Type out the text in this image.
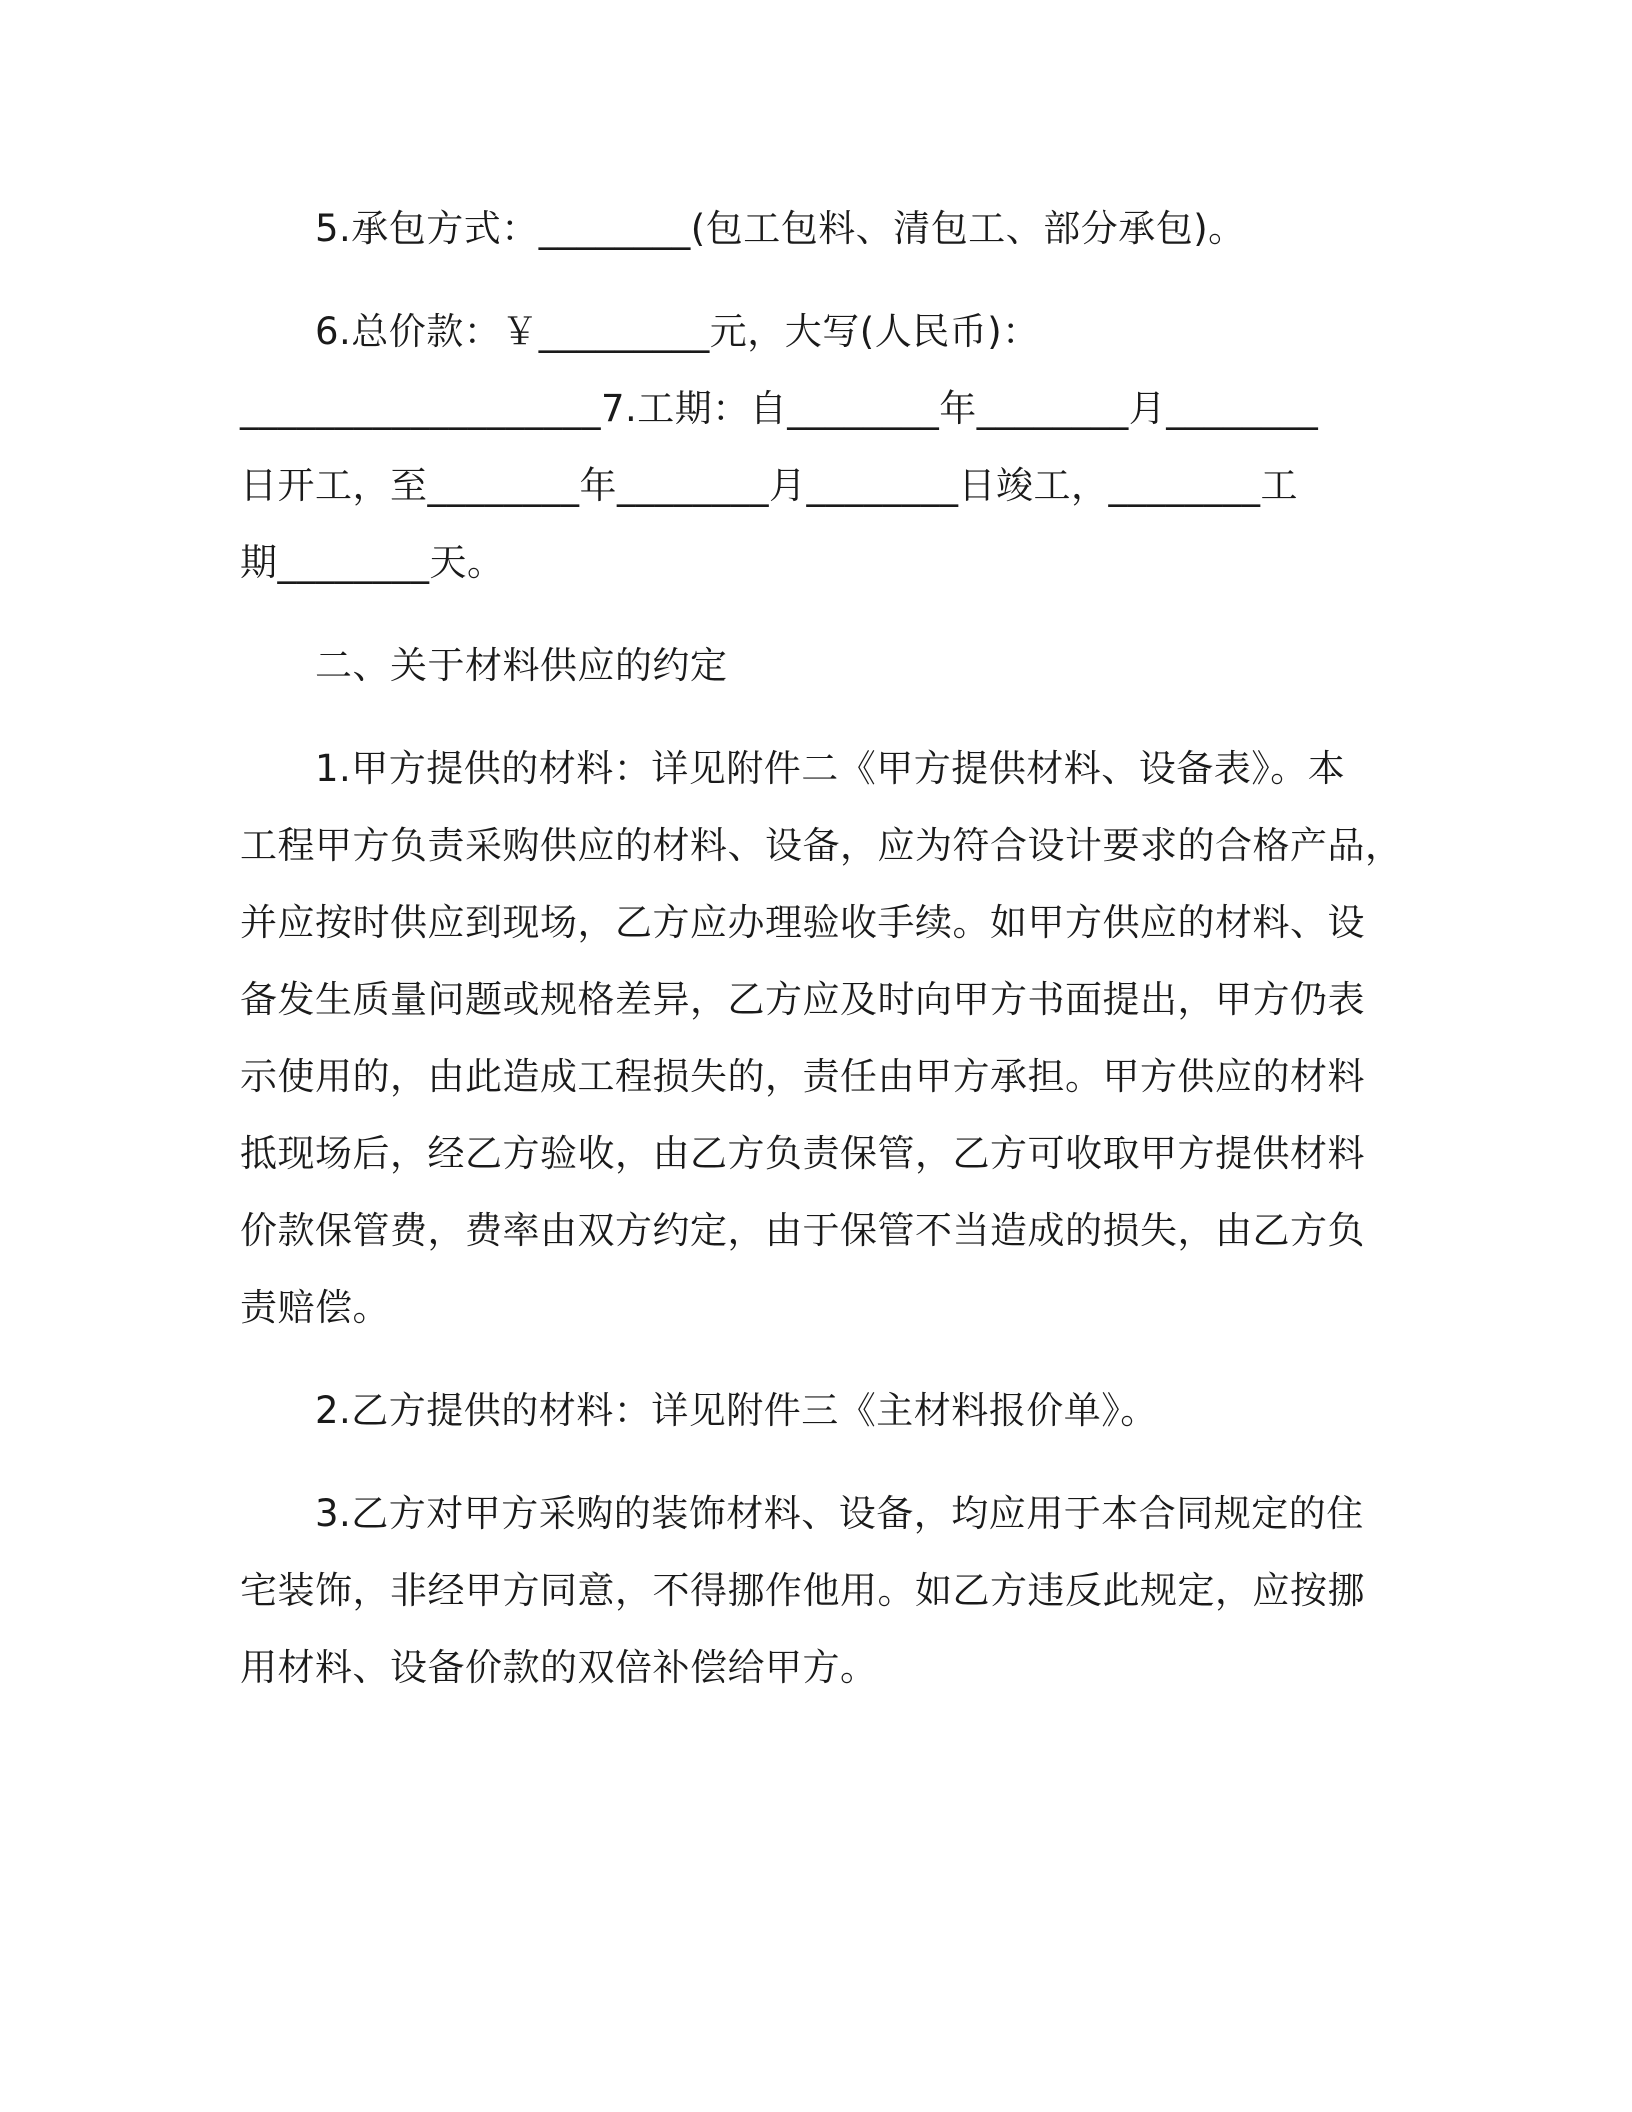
5.承包方式：________(包工包料、清包工、部分承包)。
6.总价款：￥_________元，大写(人民币)：
___________________7.工期：自________年________月________
日开工，至________年________月________日竣工，________工
期________天。
二、关于材料供应的约定
1.甲方提供的材料：详见附件二《甲方提供材料、设备表》。本
工程甲方负责采购供应的材料、设备，应为符合设计要求的合格产品，
并应按时供应到现场，乙方应办理验收手续。如甲方供应的材料、设
备发生质量问题或规格差异，乙方应及时向甲方书面提出，甲方仍表
示使用的，由此造成工程损失的，责任由甲方承担。甲方供应的材料
抵现场后，经乙方验收，由乙方负责保管，乙方可收取甲方提供材料
价款保管费，费率由双方约定，由于保管不当造成的损失，由乙方负
责赔偿。
2.乙方提供的材料：详见附件三《主材料报价单》。
3.乙方对甲方采购的装饰材料、设备，均应用于本合同规定的住
宅装饰，非经甲方同意，不得挪作他用。如乙方违反此规定，应按挪
用材料、设备价款的双倍补偿给甲方。
